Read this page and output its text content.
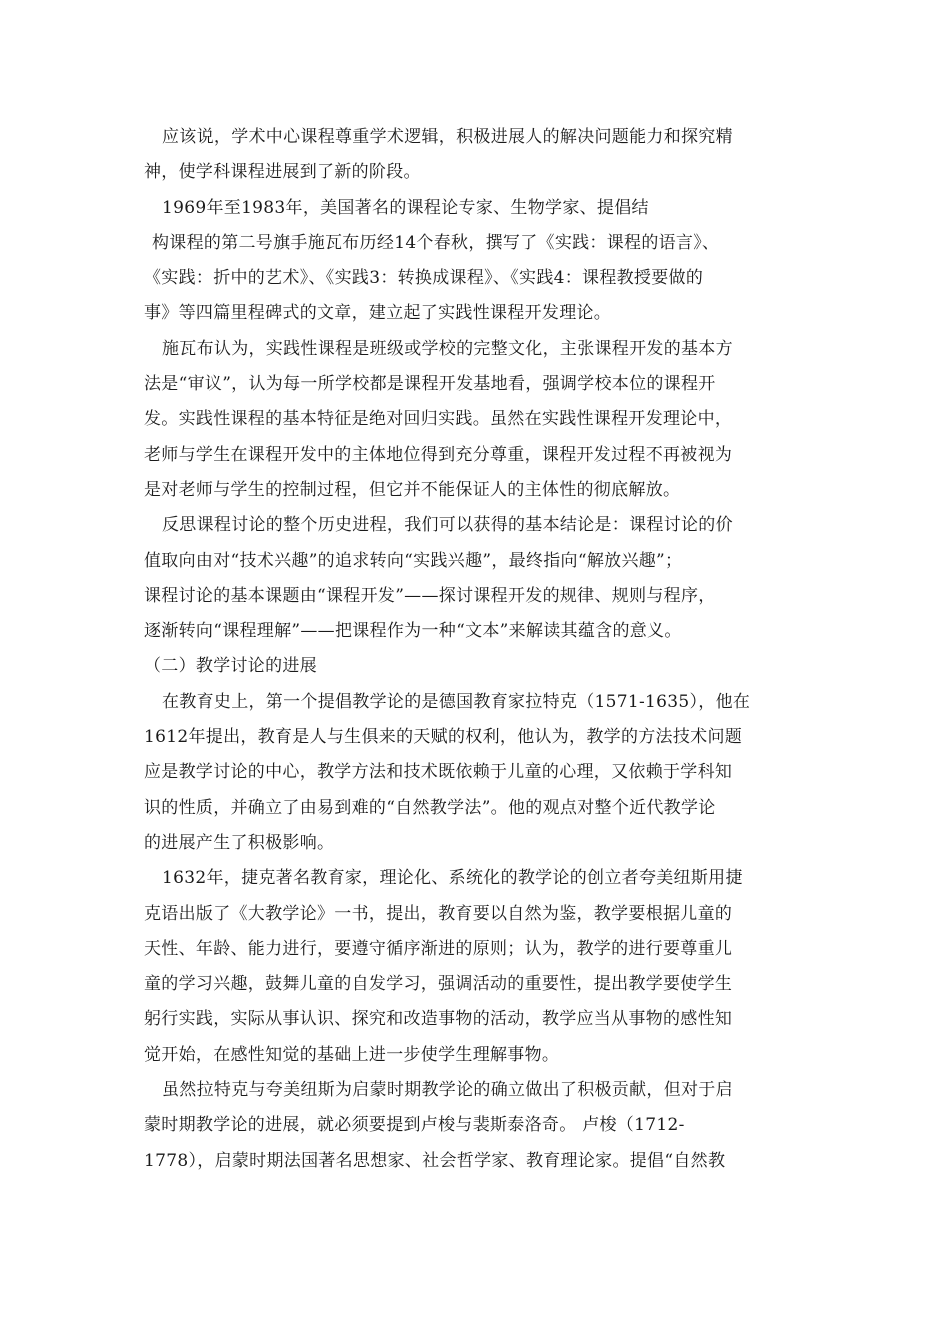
应该说，学术中心课程尊重学术逻辑，积极进展人的解决问题能力和探究精
神，使学科课程进展到了新的阶段。
1969年至1983年，美国著名的课程论专家、生物学家、提倡结
构课程的第二号旗手施瓦布历经14个春秋，撰写了《实践：课程的语言》、
《实践：折中的艺术》、《实践3：转换成课程》、《实践4：课程教授要做的
事》等四篇里程碑式的文章，建立起了实践性课程开发理论。
施瓦布认为，实践性课程是班级或学校的完整文化，主张课程开发的基本方
法是“审议”，认为每一所学校都是课程开发基地看，强调学校本位的课程开
发。实践性课程的基本特征是绝对回归实践。虽然在实践性课程开发理论中，
老师与学生在课程开发中的主体地位得到充分尊重，课程开发过程不再被视为
是对老师与学生的控制过程，但它并不能保证人的主体性的彻底解放。
反思课程讨论的整个历史进程，我们可以获得的基本结论是：课程讨论的价
值取向由对“技术兴趣”的追求转向“实践兴趣”，最终指向“解放兴趣”；
课程讨论的基本课题由“课程开发”——探讨课程开发的规律、规则与程序，
逐渐转向“课程理解”——把课程作为一种“文本”来解读其蕴含的意义。
（二）教学讨论的进展
在教育史上，第一个提倡教学论的是德国教育家拉特克（1571-1635），他在
1612年提出，教育是人与生俱来的天赋的权利，他认为，教学的方法技术问题
应是教学讨论的中心，教学方法和技术既依赖于儿童的心理，又依赖于学科知
识的性质，并确立了由易到难的“自然教学法”。他的观点对整个近代教学论
的进展产生了积极影响。
1632年，捷克著名教育家，理论化、系统化的教学论的创立者夸美纽斯用捷
克语出版了《大教学论》一书，提出，教育要以自然为鉴，教学要根据儿童的
天性、年龄、能力进行，要遵守循序渐进的原则；认为，教学的进行要尊重儿
童的学习兴趣，鼓舞儿童的自发学习，强调活动的重要性，提出教学要使学生
躬行实践，实际从事认识、探究和改造事物的活动，教学应当从事物的感性知
觉开始，在感性知觉的基础上进一步使学生理解事物。
虽然拉特克与夸美纽斯为启蒙时期教学论的确立做出了积极贡献，但对于启
蒙时期教学论的进展，就必须要提到卢梭与裴斯泰洛奇。 卢梭（1712-
1778），启蒙时期法国著名思想家、社会哲学家、教育理论家。提倡“自然教
